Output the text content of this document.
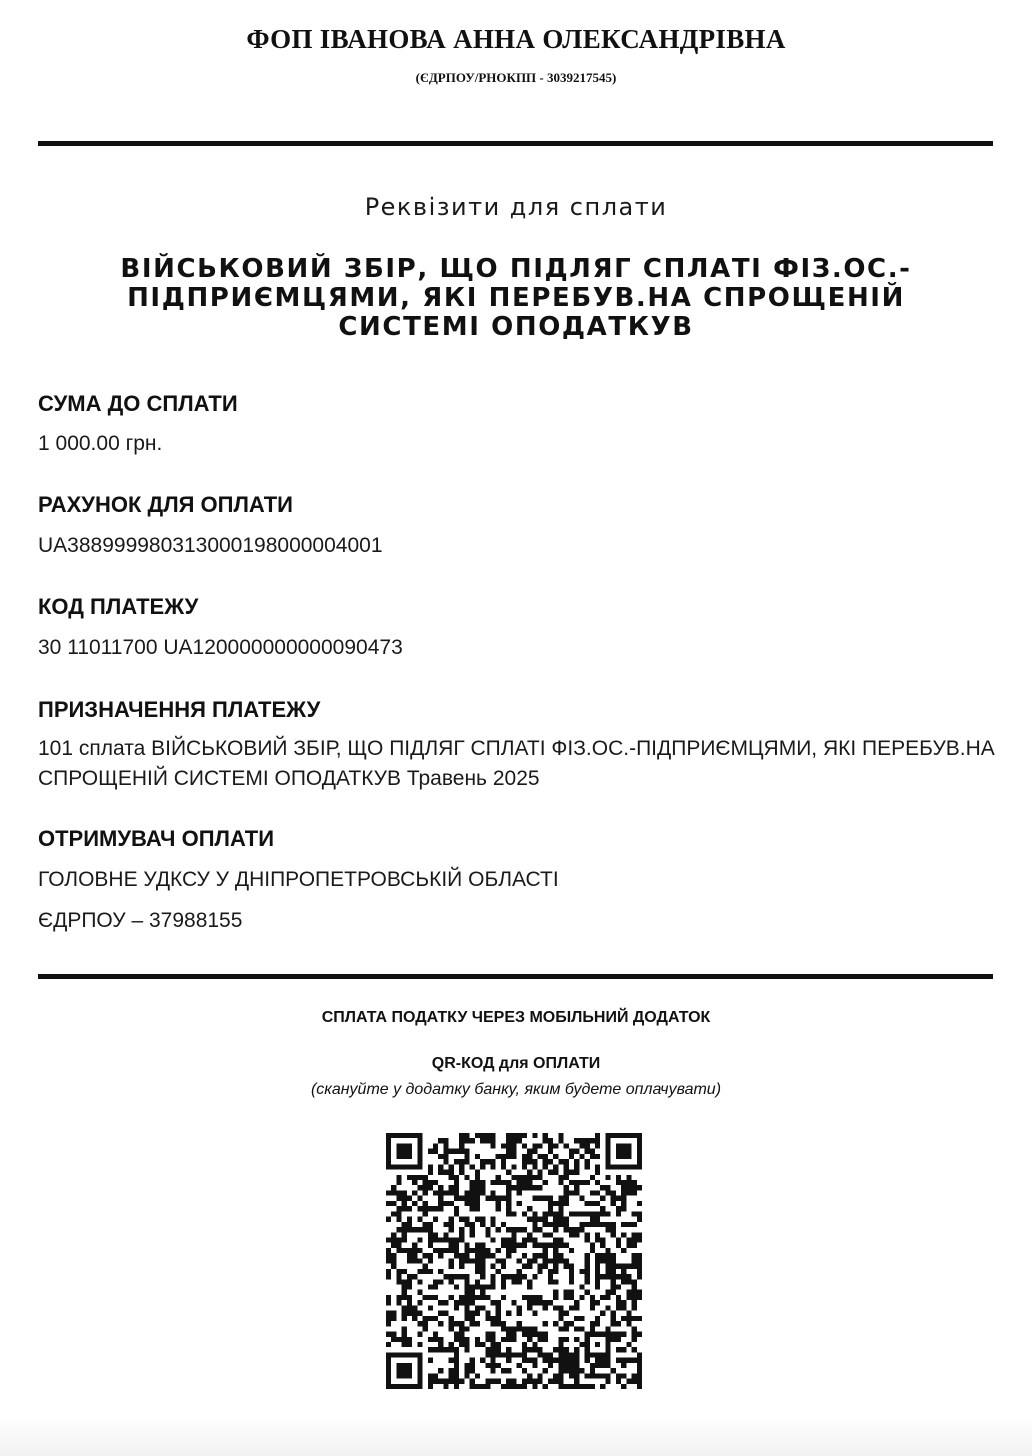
ФОП ІВАНОВА АННА ОЛЕКСАНДРІВНА
(ЄДРПОУ/РНОКПП - 3039217545)
Реквізити для сплати
ВІЙСЬКОВИЙ ЗБІР, ЩО ПІДЛЯГ СПЛАТІ ФІЗ.ОС.-ПІДПРИЄМЦЯМИ, ЯКІ ПЕРЕБУВ.НА СПРОЩЕНІЙ СИСТЕМІ ОПОДАТКУВ
СУМА ДО СПЛАТИ
1 000.00 грн.
РАХУНОК ДЛЯ ОПЛАТИ
UA388999980313000198000004001
КОД ПЛАТЕЖУ
30 11011700 UA120000000000090473
ПРИЗНАЧЕННЯ ПЛАТЕЖУ
101 сплата ВІЙСЬКОВИЙ ЗБІР, ЩО ПІДЛЯГ СПЛАТІ ФІЗ.ОС.-ПІДПРИЄМЦЯМИ, ЯКІ ПЕРЕБУВ.НА СПРОЩЕНІЙ СИСТЕМІ ОПОДАТКУВ Травень 2025
ОТРИМУВАЧ ОПЛАТИ
ГОЛОВНЕ УДКСУ У ДНІПРОПЕТРОВСЬКІЙ ОБЛАСТІ
ЄДРПОУ – 37988155
СПЛАТА ПОДАТКУ ЧЕРЕЗ МОБІЛЬНИЙ ДОДАТОК
QR-КОД для ОПЛАТИ
(скануйте у додатку банку, яким будете оплачувати)
